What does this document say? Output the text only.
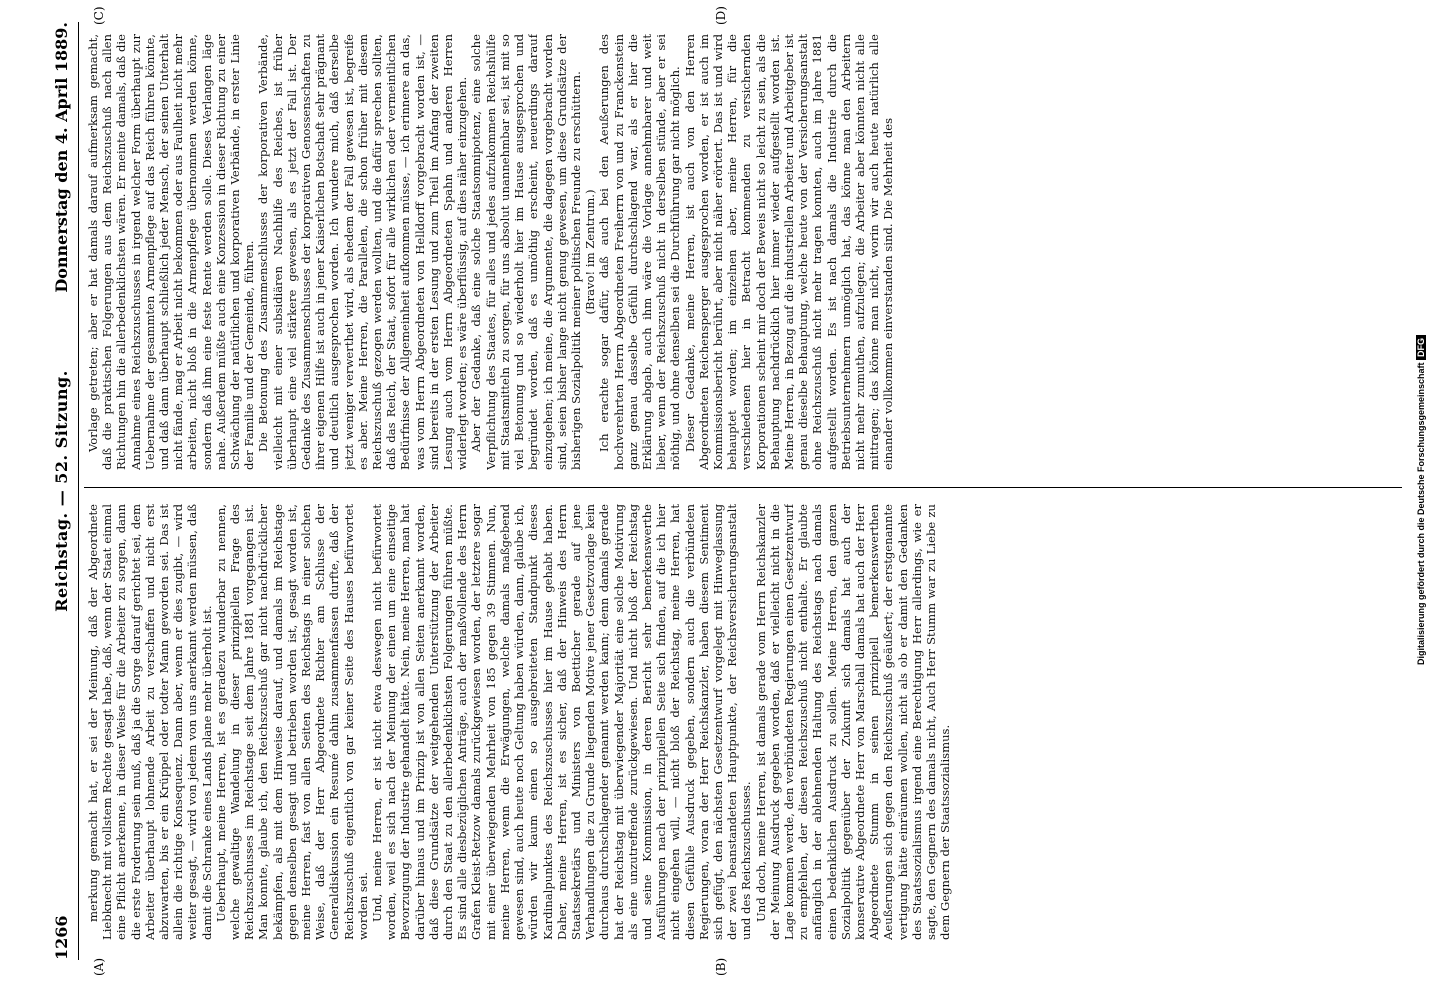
1266
Reichstag. — 52. Sitzung.
Donnerstag den 4. April 1889.
(A)	(B)
(C)	(D)

merkung gemacht hat, er sei der Meinung, daß der Abgeordnete Liebknecht mit vollstem Rechte gesagt habe, daß, wenn der Staat einmal eine Pflicht anerkenne, in dieser Weise für die Arbeiter zu sorgen, dann die erste Forderung sein muß, daß ja die Sorge darauf gerichtet sei, dem Arbeiter überhaupt lohnende Arbeit zu verschaffen und nicht erst abzuwarten, bis er ein Krüppel oder todter Mann geworden sei. Das ist allein die richtige Konsequenz. Dann aber, wenn er dies zugibt, — wird weiter gesagt, — wird von jedem von uns anerkannt werden müssen, daß damit die Schranke eines Lands plane mehr überholt ist. Ueberhaupt, meine Herren, ist es geradezu wunderbar zu nennen, welche gewaltige Wandelung in dieser prinzipiellen Frage des Reichszuschusses im Reichstage seit dem Jahre 1881 vorgegangen ist. Man konnte, glaube ich, den Reichszuschuß gar nicht nachdrücklicher bekämpfen, als mit dem Hinweise darauf, und damals im Reichstage gegen denselben gesagt und betrieben worden ist, gesagt worden ist, meine Herren, fast von allen Seiten des Reichstags in einer solchen Weise, daß der Herr Abgeordnete Richter am Schlusse der Generaldiskussion ein Resumé dahin zusammenfassen durfte, daß der Reichszuschuß eigentlich von gar keiner Seite des Hauses befürwortet worden sei. Und, meine Herren, er ist nicht etwa deswegen nicht befürwortet worden, weil es sich nach der Meinung der einen um eine einseitige Bevorzugung der Industrie gehandelt hätte. Nein, meine Herren, man hat darüber hinaus und im Prinzip ist von allen Seiten anerkannt worden, daß diese Grundsätze der weitgehenden Unterstützung der Arbeiter durch den Staat zu den allerbedenklichsten Folgerungen führen müßte. Es sind alle diesbezüglichen Anträge, auch der maßvollende des Herrn Grafen Kleist-Retzow damals zurückgewiesen worden, der letztere sogar mit einer überwiegenden Mehrheit von 185 gegen 39 Stimmen. Nun, meine Herren, wenn die Erwägungen, welche damals maßgebend gewesen sind, auch heute noch Geltung haben würden, dann, glaube ich, würden wir kaum einen so ausgebreiteten Standpunkt dieses Kardinalpunktes des Reichszuschusses hier im Hause gehabt haben. Daher, meine Herren, ist es sicher, daß der Hinweis des Herrn Staatssekretärs und Ministers von Boetticher gerade auf jene Verhandlungen die zu Grunde liegenden Motive jener Gesetzvorlage kein durchaus durchschlagender genannt werden kann; denn damals gerade hat der Reichstag mit überwiegender Majorität eine solche Motivirung als eine unzutreffende zurückgewiesen. Und nicht bloß der Reichstag und seine Kommission, in deren Bericht sehr bemerkenswerthe Ausführungen nach der prinzipiellen Seite sich finden, auf die ich hier nicht eingehen will, — nicht bloß der Reichstag, meine Herren, hat diesen Gefühle Ausdruck gegeben, sondern auch die verbündeten Regierungen, voran der Herr Reichskanzler, haben diesem Sentiment sich gefügt, den nächsten Gesetzentwurf vorgelegt mit Hinweglassung der zwei beanstandeten Hauptpunkte, der Reichsversicherungsanstalt und des Reichszuschusses. Und doch, meine Herren, ist damals gerade vom Herrn Reichskanzler der Meinung Ausdruck gegeben worden, daß er vielleicht nicht in die Lage kommen werde, den verbündeten Regierungen einen Gesetzentwurf zu empfehlen, der diesen Reichszuschuß nicht enthalte. Er glaubte anfänglich in der ablehnenden Haltung des Reichstags nach damals einen bedenklichen Ausdruck zu sollen. Meine Herren, den ganzen Sozialpolitik gegenüber der Zukunft sich damals hat auch der konservative Abgeordnete Herr von Marschall damals hat auch der Herr Abgeordnete Stumm in seinen prinzipiell bemerkenswerthen Aeußerungen sich gegen den Reichszuschuß geäußert; der erstgenannte vertigung hätte einräumen wollen, nicht als ob er damit den Gedanken des Staatssozialismus irgend eine Berechtigung Herr allerdings, wie er sagte, den Gegnern des damals nicht, Auch Herr Stumm war zu Liebe zu dem Gegnern der Staatssozialismus.

Vorlage getreten; aber er hat damals darauf aufmerksam gemacht, daß die praktischen Folgerungen aus dem Reichszuschuß nach allen Richtungen hin die allerbedenklichsten wären. Er meinte damals, daß die Annahme eines Reichszuschusses in irgend welcher Form überhaupt zur Uebernahme der gesammten Armenpflege auf das Reich führen könnte, und daß dann überhaupt schließlich jeder Mensch, der seinen Unterhalt nicht fände, mag er Arbeit nicht bekommen oder aus Faulheit nicht mehr arbeiten, nicht bloß in die Armenpflege übernommen werden könne, sondern daß ihm eine feste Rente werden solle. Dieses Verlangen läge nahe. Außerdem müßte auch eine Konzession in dieser Richtung zu einer Schwächung der natürlichen und korporativen Verbände, in erster Linie der Familie und der Gemeinde, führen. Die Betonung des Zusammenschlusses der korporativen Verbände, vielleicht mit einer subsidiären Nachhilfe des Reiches, ist früher überhaupt eine viel stärkere gewesen, als es jetzt der Fall ist. Der Gedanke des Zusammenschlusses der korporativen Genossenschaften zu ihrer eigenen Hilfe ist auch in jener Kaiserlichen Botschaft sehr prägnant und deutlich ausgesprochen worden. Ich wundere mich, daß derselbe jetzt weniger verwerthet wird, als ehedem der Fall gewesen ist, begreife es aber. Meine Herren, die Parallelen, die schon früher mit diesem Reichszuschuß gezogen werden wollten, und die dafür sprechen sollten, daß das Reich, der Staat, sofort für alle wirklichen oder vermeintlichen Bedürfnisse der Allgemeinheit aufkommen müsse, — ich erinnere an das, was vom Herrn Abgeordneten von Helldorff vorgebracht worden ist, — sind bereits in der ersten Lesung und zum Theil im Anfang der zweiten Lesung auch vom Herrn Abgeordneten Spahn und anderen Herren widerlegt worden; es wäre überflüssig, auf dies näher einzugehen. Aber der Gedanke, daß eine solche Staatsomnipotenz, eine solche Verpflichtung des Staates, für alles und jedes aufzukommen Reichshülfe mit Staatsmitteln zu sorgen, für uns absolut unannehmbar sei, ist mit so viel Betonung und so wiederholt hier im Hause ausgesprochen und begründet worden, daß es unnöthig erscheint, neuerdings darauf einzugehen; ich meine, die Argumente, die dagegen vorgebracht worden sind, seien bisher lange nicht genug gewesen, um diese Grundsätze der bisherigen Sozialpolitik meiner politischen Freunde zu erschüttern. (Bravo! im Zentrum.) Ich erachte sogar dafür, daß auch bei den Aeußerungen des hochverehrten Herrn Abgeordneten Freiherrn von und zu Franckenstein ganz genau dasselbe Gefühl durchschlagend war, als er hier die Erklärung abgab, auch ihm wäre die Vorlage annehmbarer und weit lieber, wenn der Reichszuschuß nicht in derselben stünde, aber er sei nöthig, und ohne denselben sei die Durchführung gar nicht möglich. Dieser Gedanke, meine Herren, ist auch von den Herren Abgeordneten Reichensperger ausgesprochen worden, er ist auch im Kommissionsbericht berührt, aber nicht näher erörtert. Das ist und wird behauptet worden; im einzelnen aber, meine Herren, für die verschiedenen hier in Betracht kommenden zu versichernden Korporationen scheint mir doch der Beweis nicht so leicht zu sein, als die Behauptung nachdrücklich hier immer wieder aufgestellt worden ist. Meine Herren, in Bezug auf die industriellen Arbeiter und Arbeitgeber ist genau dieselbe Behauptung, welche heute von der Versicherungsanstalt ohne Reichszuschuß nicht mehr tragen konnten, auch im Jahre 1881 aufgestellt worden. Es ist nach damals die Industrie durch die Betriebsunternehmern unmöglich hat, das könne man den Arbeitern nicht mehr zumuthen, aufzulegen; die Arbeiter aber könnten nicht alle mittragen; das könne man nicht, worin wir auch heute natürlich alle einander vollkommen einverstanden sind. Die Mehrheit des

Digitalisierung gefördert durch die Deutsche Forschungsgemeinschaft DFG
